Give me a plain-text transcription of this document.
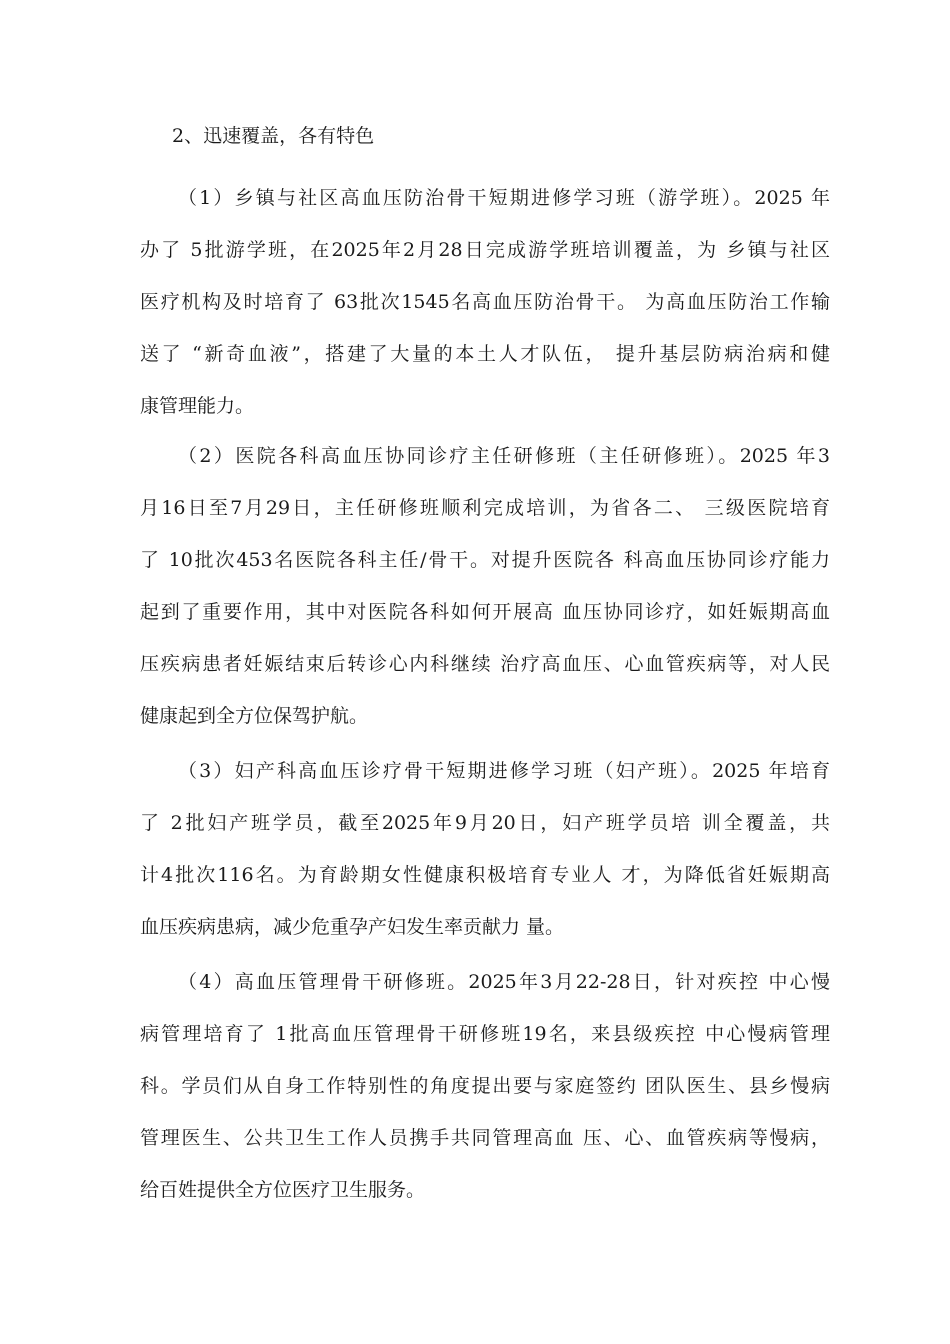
2、迅速覆盖，各有特色
（1）乡镇与社区高血压防治骨干短期进修学习班（游学班）。2025 年
办了 5批游学班，在2025年2月28日完成游学班培训覆盖，为 乡镇与社区
医疗机构及时培育了 63批次1545名高血压防治骨干。 为高血压防治工作输
送了 “新奇血液”，搭建了大量的本土人才队伍， 提升基层防病治病和健
康管理能力。
（2）医院各科高血压协同诊疗主任研修班（主任研修班）。2025 年3
月16日至7月29日，主任研修班顺利完成培训，为省各二、 三级医院培育
了 10批次453名医院各科主任/骨干。对提升医院各 科高血压协同诊疗能力
起到了重要作用，其中对医院各科如何开展高 血压协同诊疗，如妊娠期高血
压疾病患者妊娠结束后转诊心内科继续 治疗高血压、心血管疾病等，对人民
健康起到全方位保驾护航。
（3）妇产科高血压诊疗骨干短期进修学习班（妇产班）。2025 年培育
了 2批妇产班学员，截至2025年9月20日，妇产班学员培 训全覆盖，共
计4批次116名。为育龄期女性健康积极培育专业人 才，为降低省妊娠期高
血压疾病患病，减少危重孕产妇发生率贡献力 量。
（4）高血压管理骨干研修班。2025年3月22-28日，针对疾控 中心慢
病管理培育了 1批高血压管理骨干研修班19名，来县级疾控 中心慢病管理
科。学员们从自身工作特别性的角度提出要与家庭签约 团队医生、县乡慢病
管理医生、公共卫生工作人员携手共同管理高血 压、心、血管疾病等慢病，
给百姓提供全方位医疗卫生服务。
